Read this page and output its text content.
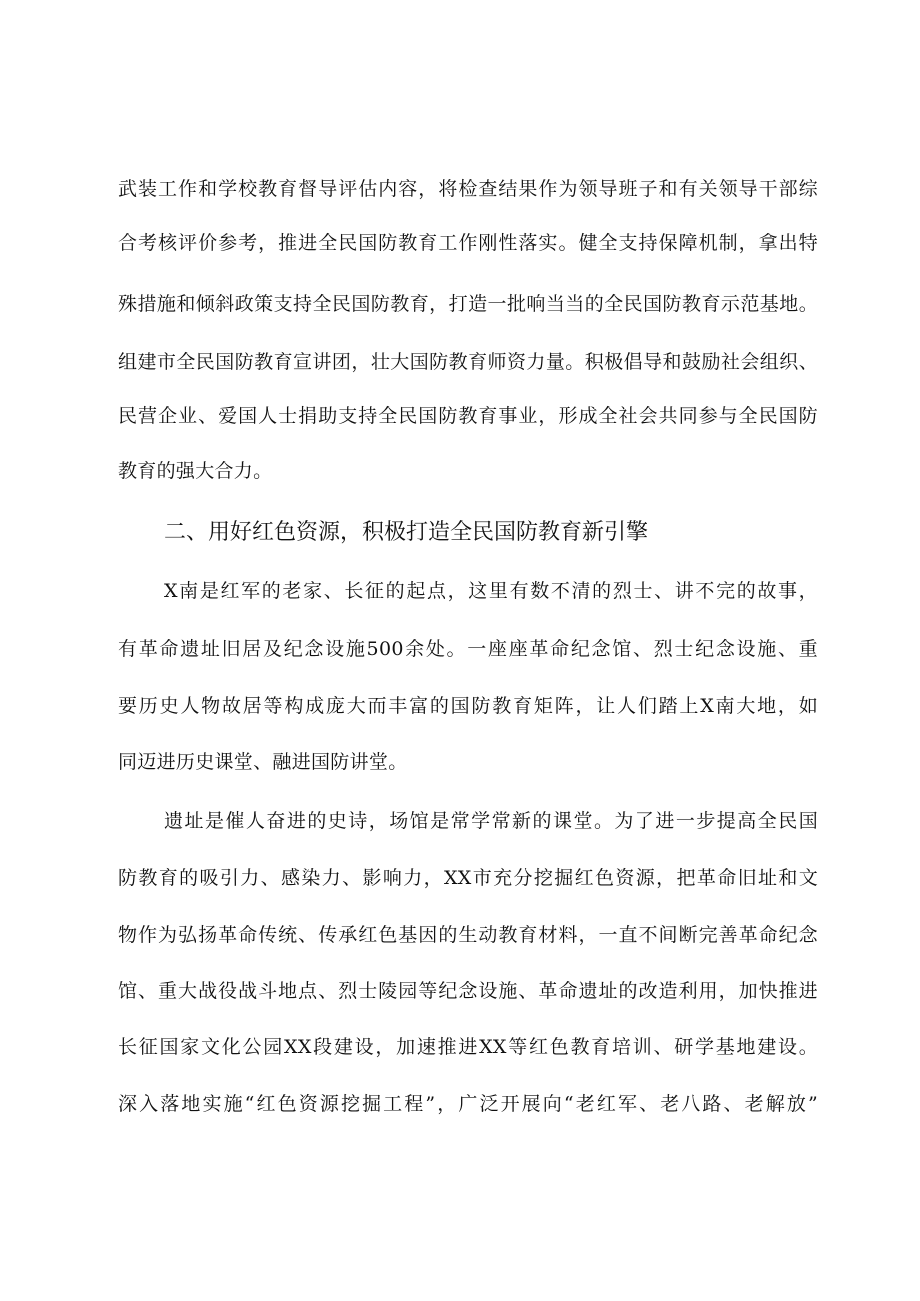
武装工作和学校教育督导评估内容，将检查结果作为领导班子和有关领导干部综
合考核评价参考，推进全民国防教育工作刚性落实。健全支持保障机制，拿出特
殊措施和倾斜政策支持全民国防教育，打造一批响当当的全民国防教育示范基地。
组建市全民国防教育宣讲团，壮大国防教育师资力量。积极倡导和鼓励社会组织、
民营企业、爱国人士捐助支持全民国防教育事业，形成全社会共同参与全民国防
教育的强大合力。
二、用好红色资源，积极打造全民国防教育新引擎
X南是红军的老家、长征的起点，这里有数不清的烈士、讲不完的故事，
有革命遗址旧居及纪念设施500余处。一座座革命纪念馆、烈士纪念设施、重
要历史人物故居等构成庞大而丰富的国防教育矩阵，让人们踏上X南大地，如
同迈进历史课堂、融进国防讲堂。
遗址是催人奋进的史诗，场馆是常学常新的课堂。为了进一步提高全民国
防教育的吸引力、感染力、影响力，XX市充分挖掘红色资源，把革命旧址和文
物作为弘扬革命传统、传承红色基因的生动教育材料，一直不间断完善革命纪念
馆、重大战役战斗地点、烈士陵园等纪念设施、革命遗址的改造利用，加快推进
长征国家文化公园XX段建设，加速推进XX等红色教育培训、研学基地建设。
深入落地实施“红色资源挖掘工程”，广泛开展向“老红军、老八路、老解放”
